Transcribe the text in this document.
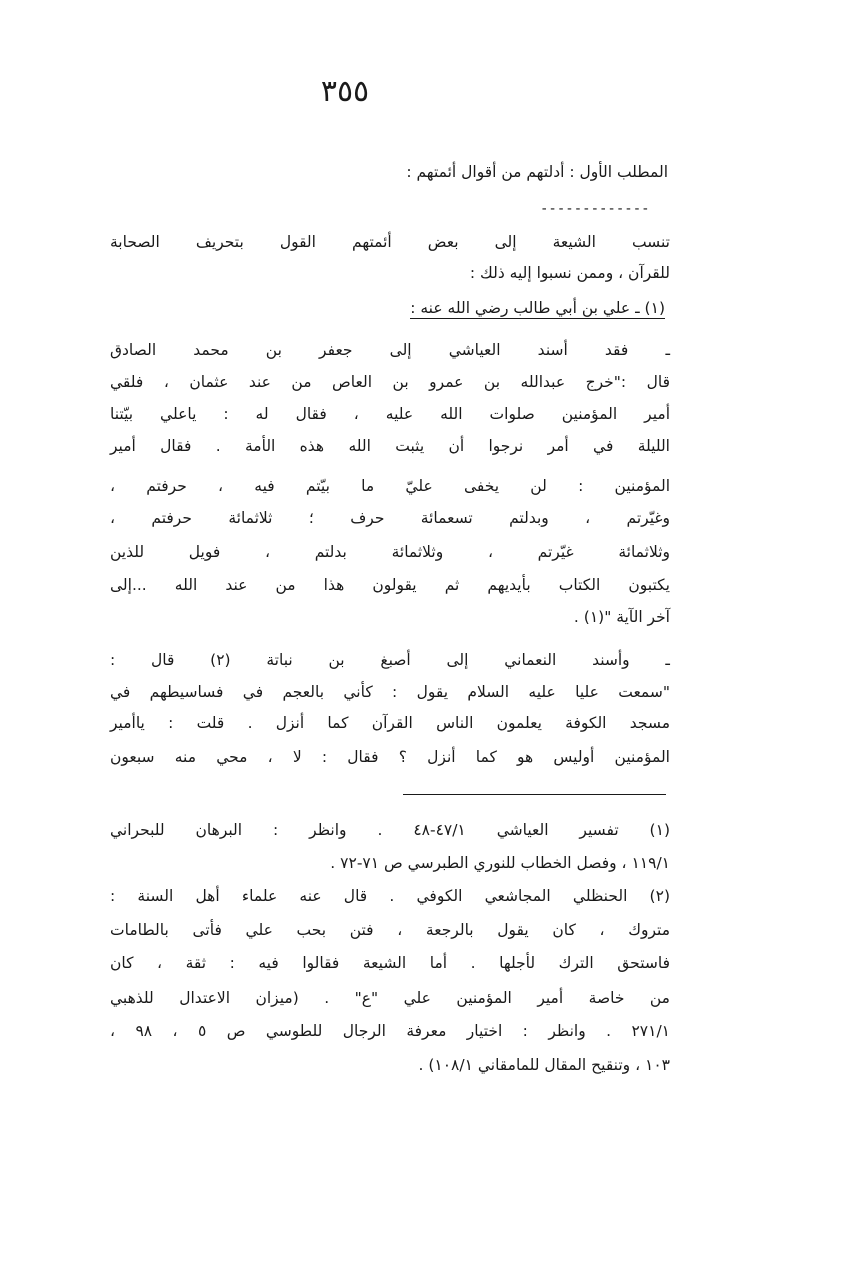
٣٥٥
المطلب الأول : أدلتهم من أقوال أئمتهم :
-------------
تنسب الشيعة إلى بعض أئمتهم القول بتحريف الصحابة
للقرآن ، وممن نسبوا إليه ذلك :
(١) ـ علي بن أبي طالب رضي الله عنه :
ـ فقد أسند العياشي إلى جعفر بن محمد الصادق
قال :"خرج عبدالله بن عمرو بن العاص من عند عثمان ، فلقي
أمير المؤمنين صلوات الله عليه ، فقال له : ياعلي بيّتنا
الليلة في أمر نرجوا أن يثبت الله هذه الأمة . فقال أمير
المؤمنين : لن يخفى عليّ ما بيّتم فيه ، حرفتم ،
وغيّرتم ، وبدلتم تسعمائة حرف ؛ ثلاثمائة حرفتم ،
وثلاثمائة غيّرتم ، وثلاثمائة بدلتم ، فويل للذين
يكتبون الكتاب بأيديهم ثم يقولون هذا من عند الله ...إلى
آخر الآية "(١) .
ـ وأسند النعماني إلى أصبغ بن نباتة (٢) قال :
"سمعت عليا عليه السلام يقول : كأني بالعجم في فساسيطهم في
مسجد الكوفة يعلمون الناس القرآن كما أنزل . قلت : ياأمير
المؤمنين أوليس هو كما أنزل ؟ فقال : لا ، محي منه سبعون
(١) تفسير العياشي ٤٧/١-٤٨ . وانظر : البرهان للبحراني
١١٩/١ ، وفصل الخطاب للنوري الطبرسي ص ٧١-٧٢ .
(٢) الحنظلي المجاشعي الكوفي . قال عنه علماء أهل السنة :
متروك ، كان يقول بالرجعة ، فتن بحب علي فأتى بالطامات
فاستحق الترك لأجلها . أما الشيعة فقالوا فيه : ثقة ، كان
من خاصة أمير المؤمنين علي "ع" . (ميزان الاعتدال للذهبي
٢٧١/١ . وانظر : اختيار معرفة الرجال للطوسي ص ٥ ، ٩٨ ،
١٠٣ ، وتنقيح المقال للمامقاني ١٠٨/١) .
